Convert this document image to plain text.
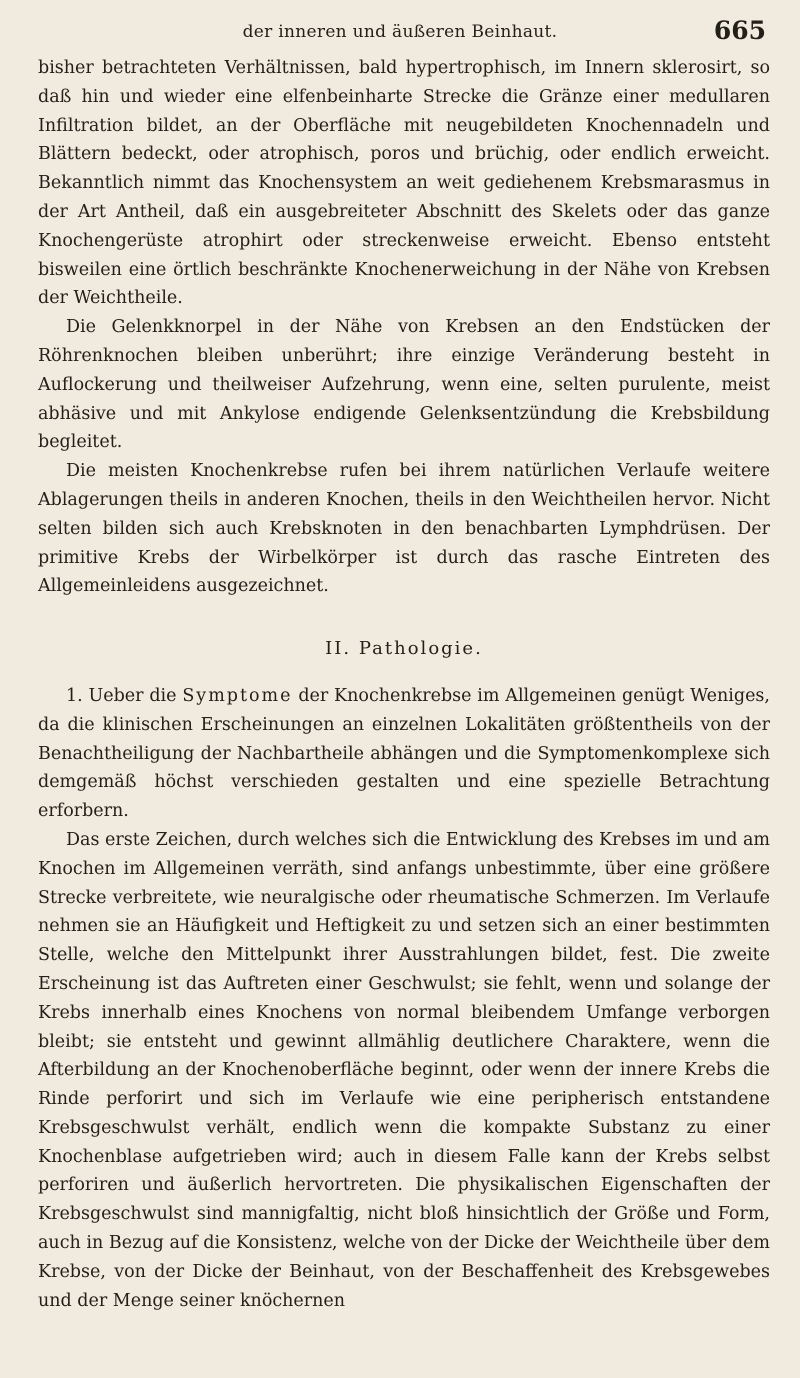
der inneren und äußeren Beinhaut.	665

bisher betrachteten Verhältnissen, bald hypertrophisch, im Innern sklerosirt, so daß hin und wieder eine elfenbeinharte Strecke die Gränze einer medullaren Infiltration bildet, an der Oberfläche mit neugebildeten Knochennadeln und Blättern bedeckt, oder atrophisch, poros und brüchig, oder endlich erweicht. Bekanntlich nimmt das Knochensystem an weit gediehenem Krebsmarasmus in der Art Antheil, daß ein ausgebreiteter Abschnitt des Skelets oder das ganze Knochengerüste atrophirt oder streckenweise erweicht. Ebenso entsteht bisweilen eine örtlich beschränkte Knochenerweichung in der Nähe von Krebsen der Weichtheile.

Die Gelenkknorpel in der Nähe von Krebsen an den Endstücken der Röhrenknochen bleiben unberührt; ihre einzige Veränderung besteht in Auflockerung und theilweiser Aufzehrung, wenn eine, selten purulente, meist abhäsive und mit Ankylose endigende Gelenksentzündung die Krebsbildung begleitet.

Die meisten Knochenkrebse rufen bei ihrem natürlichen Verlaufe weitere Ablagerungen theils in anderen Knochen, theils in den Weichtheilen hervor. Nicht selten bilden sich auch Krebsknoten in den benachbarten Lymphdrüsen. Der primitive Krebs der Wirbelkörper ist durch das rasche Eintreten des Allgemeinleidens ausgezeichnet.

II. Pathologie.

1. Ueber die Symptome der Knochenkrebse im Allgemeinen genügt Weniges, da die klinischen Erscheinungen an einzelnen Lokalitäten größtentheils von der Benachtheiligung der Nachbartheile abhängen und die Symptomenkomplexe sich demgemäß höchst verschieden gestalten und eine spezielle Betrachtung erforbern.

Das erste Zeichen, durch welches sich die Entwicklung des Krebses im und am Knochen im Allgemeinen verräth, sind anfangs unbestimmte, über eine größere Strecke verbreitete, wie neuralgische oder rheumatische Schmerzen. Im Verlaufe nehmen sie an Häufigkeit und Heftigkeit zu und setzen sich an einer bestimmten Stelle, welche den Mittelpunkt ihrer Ausstrahlungen bildet, fest. Die zweite Erscheinung ist das Auftreten einer Geschwulst; sie fehlt, wenn und solange der Krebs innerhalb eines Knochens von normal bleibendem Umfange verborgen bleibt; sie entsteht und gewinnt allmählig deutlichere Charaktere, wenn die Afterbildung an der Knochenoberfläche beginnt, oder wenn der innere Krebs die Rinde perforirt und sich im Verlaufe wie eine peripherisch entstandene Krebsgeschwulst verhält, endlich wenn die kompakte Substanz zu einer Knochenblase aufgetrieben wird; auch in diesem Falle kann der Krebs selbst perforiren und äußerlich hervortreten. Die physikalischen Eigenschaften der Krebsgeschwulst sind mannigfaltig, nicht bloß hinsichtlich der Größe und Form, auch in Bezug auf die Konsistenz, welche von der Dicke der Weichtheile über dem Krebse, von der Dicke der Beinhaut, von der Beschaffenheit des Krebsgewebes und der Menge seiner knöchernen
